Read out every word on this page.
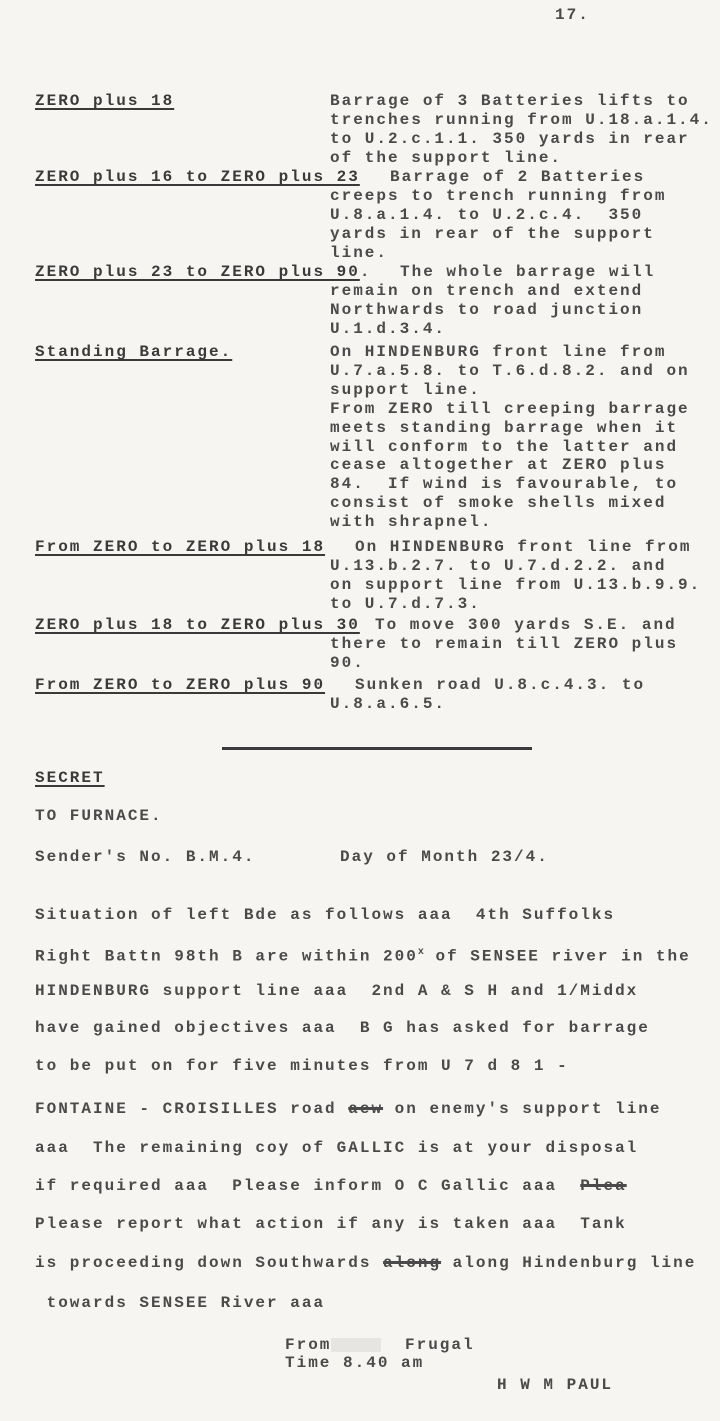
17.
ZERO plus 18	Barrage of 3 Batteries lifts to
trenches running from U.18.a.1.4.
to U.2.c.1.1. 350 yards in rear
of the support line.
ZERO plus 16 to ZERO plus 23 Barrage of 2 Batteries
creeps to trench running from
U.8.a.1.4. to U.2.c.4.  350
yards in rear of the support
line.
ZERO plus 23 to ZERO plus 90. The whole barrage will
remain on trench and extend
Northwards to road junction
U.1.d.3.4.
Standing Barrage.	On HINDENBURG front line from
U.7.a.5.8. to T.6.d.8.2. and on
support line.
From ZERO till creeping barrage
meets standing barrage when it
will conform to the latter and
cease altogether at ZERO plus
84.  If wind is favourable, to
consist of smoke shells mixed
with shrapnel.
From ZERO to ZERO plus 18 On HINDENBURG front line from
U.13.b.2.7. to U.7.d.2.2. and
on support line from U.13.b.9.9.
to U.7.d.7.3.
ZERO plus 18 to ZERO plus 30 To move 300 yards S.E. and
there to remain till ZERO plus
90.
From ZERO to ZERO plus 90 Sunken road U.8.c.4.3. to
U.8.a.6.5.
SECRET
TO FURNACE.
Sender's No. B.M.4.	Day of Month 23/4.
Situation of left Bde as follows aaa  4th Suffolks
Right Battn 98th B are within 200$^x$ of SENSEE river in the
HINDENBURG support line aaa  2nd A & S H and 1/Middx
have gained objectives aaa  B G has asked for barrage
to be put on for five minutes from U 7 d 8 1 -
FONTAINE - CROISILLES road aew on enemy's support line
aaa  The remaining coy of GALLIC is at your disposal
if required aaa  Please inform O C Gallic aaa  Plea
Please report what action if any is taken aaa  Tank
is proceeding down Southwards along along Hindenburg line
towards SENSEE River aaa
From	Frugal
Time 8.40 am
H W M PAUL
